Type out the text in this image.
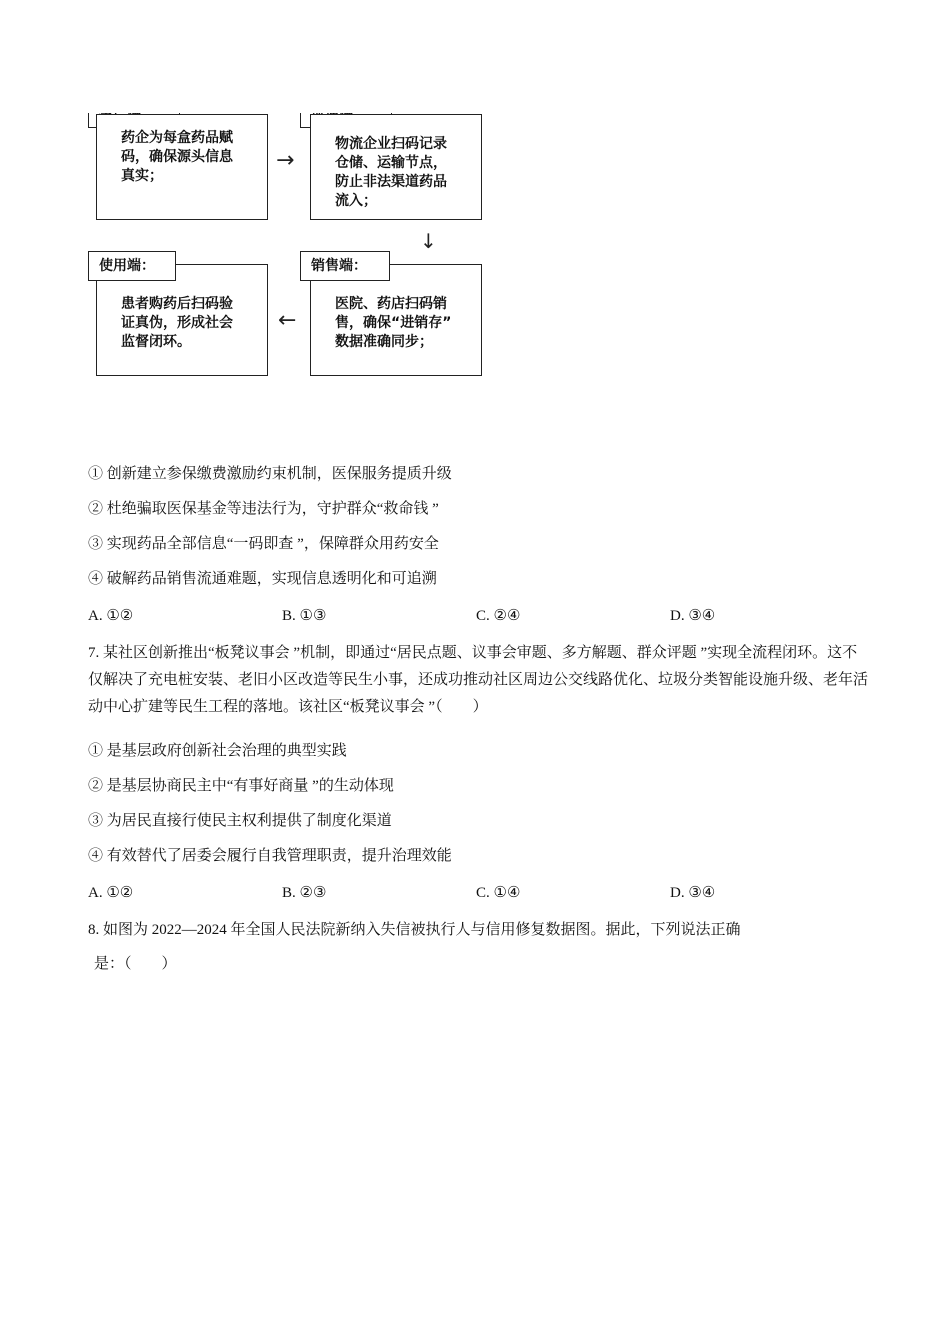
药企为每盒药品赋
码，确保源头信息
真实；
物流企业扫码记录
仓储、运输节点，
防止非法渠道药品
流入；
→
↓
←
患者购药后扫码验
证真伪，形成社会
监督闭环。
使用端：
医院、药店扫码销
售，确保“进销存”
数据准确同步；
销售端：
① 创新建立参保缴费激励约束机制，医保服务提质升级
② 杜绝骗取医保基金等违法行为，守护群众“救命钱 ”
③ 实现药品全部信息“一码即查 ”，保障群众用药安全
④ 破解药品销售流通难题，实现信息透明化和可追溯
A. ①②	B. ①③	C. ②④	D. ③④
7. 某社区创新推出“板凳议事会 ”机制，即通过“居民点题、议事会审题、多方解题、群众评题 ”实现全流程闭环。这不仅解决了充电桩安装、老旧小区改造等民生小事，还成功推动社区周边公交线路优化、垃圾分类智能设施升级、老年活动中心扩建等民生工程的落地。该社区“板凳议事会 ”（　　）
① 是基层政府创新社会治理的典型实践
② 是基层协商民主中“有事好商量 ”的生动体现
③ 为居民直接行使民主权利提供了制度化渠道
④ 有效替代了居委会履行自我管理职责，提升治理效能
A. ①②	B. ②③	C. ①④	D. ③④
8. 如图为 2022—2024 年全国人民法院新纳入失信被执行人与信用修复数据图。据此，下列说法正确
是：（　　）
